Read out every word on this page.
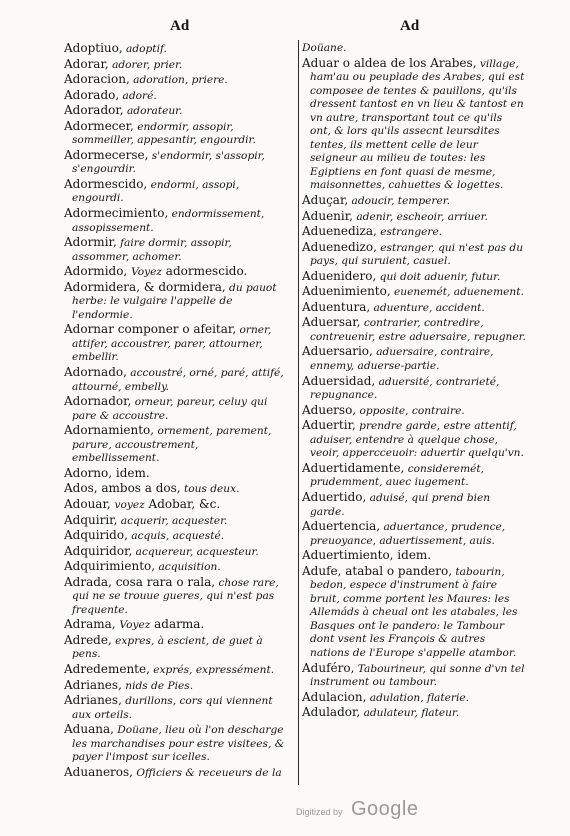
Ad	Ad
Adoptiuo, adoptif.
Adorar, adorer, prier.
Adoracion, adoration, priere.
Adorado, adoré.
Adorador, adorateur.
Adormecer, endormir, assopir, sommeiller, appesantir, engourdir.
Adormecerse, s'endormir, s'assopir, s'engourdir.
Adormescido, endormi, assopi, engourdi.
Adormecimiento, endormissement, assopissement.
Adormir, faire dormir, assopir, assommer, achomer.
Adormido, Voyez adormescido.
Adormidera, & dormidera, du pauot herbe: le vulgaire l'appelle de l'endormie.
Adornar componer o afeitar, orner, attifer, accoustrer, parer, attourner, embellir.
Adornado, accoustré, orné, paré, attifé, attourné, embelly.
Adornador, orneur, pareur, celuy qui pare & accoustre.
Adornamiento, ornement, parement, parure, accoustrement, embellissement.
Adorno, idem.
Ados, ambos a dos, tous deux.
Adouar, voyez Adobar, &c.
Adquirir, acquerir, acquester.
Adquirido, acquis, acquesté.
Adquiridor, acquereur, acquesteur.
Adquirimiento, acquisition.
Adrada, cosa rara o rala, chose rare, qui ne se trouue gueres, qui n'est pas frequente.
Adrama, Voyez adarma.
Adrede, expres, à escient, de guet à pens.
Adredemente, exprés, expressément.
Adrianes, nids de Pies.
Adrianes, durillons, cors qui viennent aux orteils.
Aduana, Doüane, lieu où l'on descharge les marchandises pour estre visitees, & payer l'impost sur icelles.
Aduaneros, Officiers & receueurs de la
Doüane.
Aduar o aldea de los Arabes, village, ham'au ou peuplade des Arabes, qui est composee de tentes & pauillons, qu'ils dressent tantost en vn lieu & tantost en vn autre, transportant tout ce qu'ils ont, & lors qu'ils assecnt leursdites tentes, ils mettent celle de leur seigneur au milieu de toutes: les Egiptiens en font quasi de mesme, maisonnettes, cahuettes & logettes.
Aduçar, adoucir, temperer.
Aduenir, adenir, escheoir, arriuer.
Aduenediza, estrangere.
Aduenedizo, estranger, qui n'est pas du pays, qui suruient, casuel.
Aduenidero, qui doit aduenir, futur.
Aduenimiento, euenemét, aduenement.
Aduentura, aduenture, accident.
Aduersar, contrarier, contredire, contreuenir, estre aduersaire, repugner.
Aduersario, aduersaire, contraire, ennemy, aduerse-partie.
Aduersidad, aduersité, contrarieté, repugnance.
Aduerso, opposite, contraire.
Aduertir, prendre garde, estre attentif, aduiser, entendre à quelque chose, veoir, appercceuoir: aduertir quelqu'vn.
Aduertidamente, consideremét, prudemment, auec iugement.
Aduertido, aduisé, qui prend bien garde.
Aduertencia, aduertance, prudence, preuoyance, aduertissement, auis.
Aduertimiento, idem.
Adufe, atabal o pandero, tabourin, bedon, espece d'instrument à faire bruit, comme portent les Maures: les Allemáds à cheual ont les atabales, les Basques ont le pandero: le Tambour dont vsent les François & autres nations de l'Europe s'appelle atambor.
Aduféro, Tabourineur, qui sonne d'vn tel instrument ou tambour.
Adulacion, adulation, flaterie.
Adulador, adulateur, flateur.
Digitized by Google
